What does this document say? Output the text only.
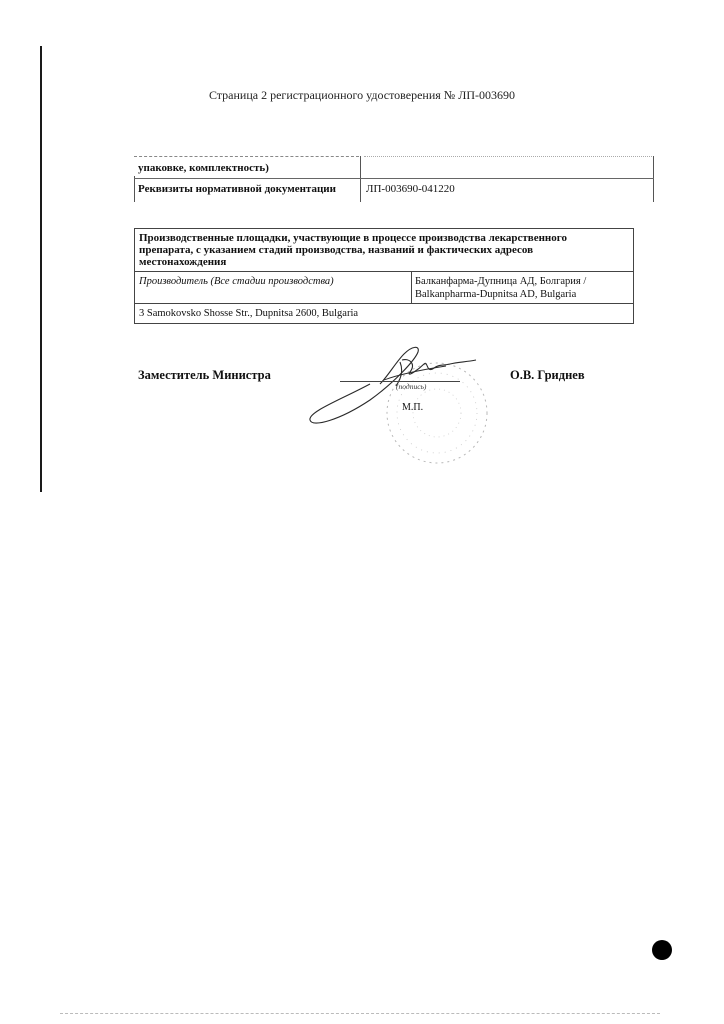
Страница 2 регистрационного удостоверения № ЛП-003690
упаковке, комплектность)
Реквизиты нормативной документации	ЛП-003690-041220
Производственные площадки, участвующие в процессе производства лекарственного препарата, с указанием стадий производства, названий и фактических адресов местонахождения
Производитель (Все стадии производства)	Балканфарма-Дупница АД, Болгария /
Balkanpharma-Dupnitsa AD, Bulgaria
3 Samokovsko Shosse Str., Dupnitsa 2600, Bulgaria
Заместитель Министра
(подпись)
М.П.
О.В. Гриднев
